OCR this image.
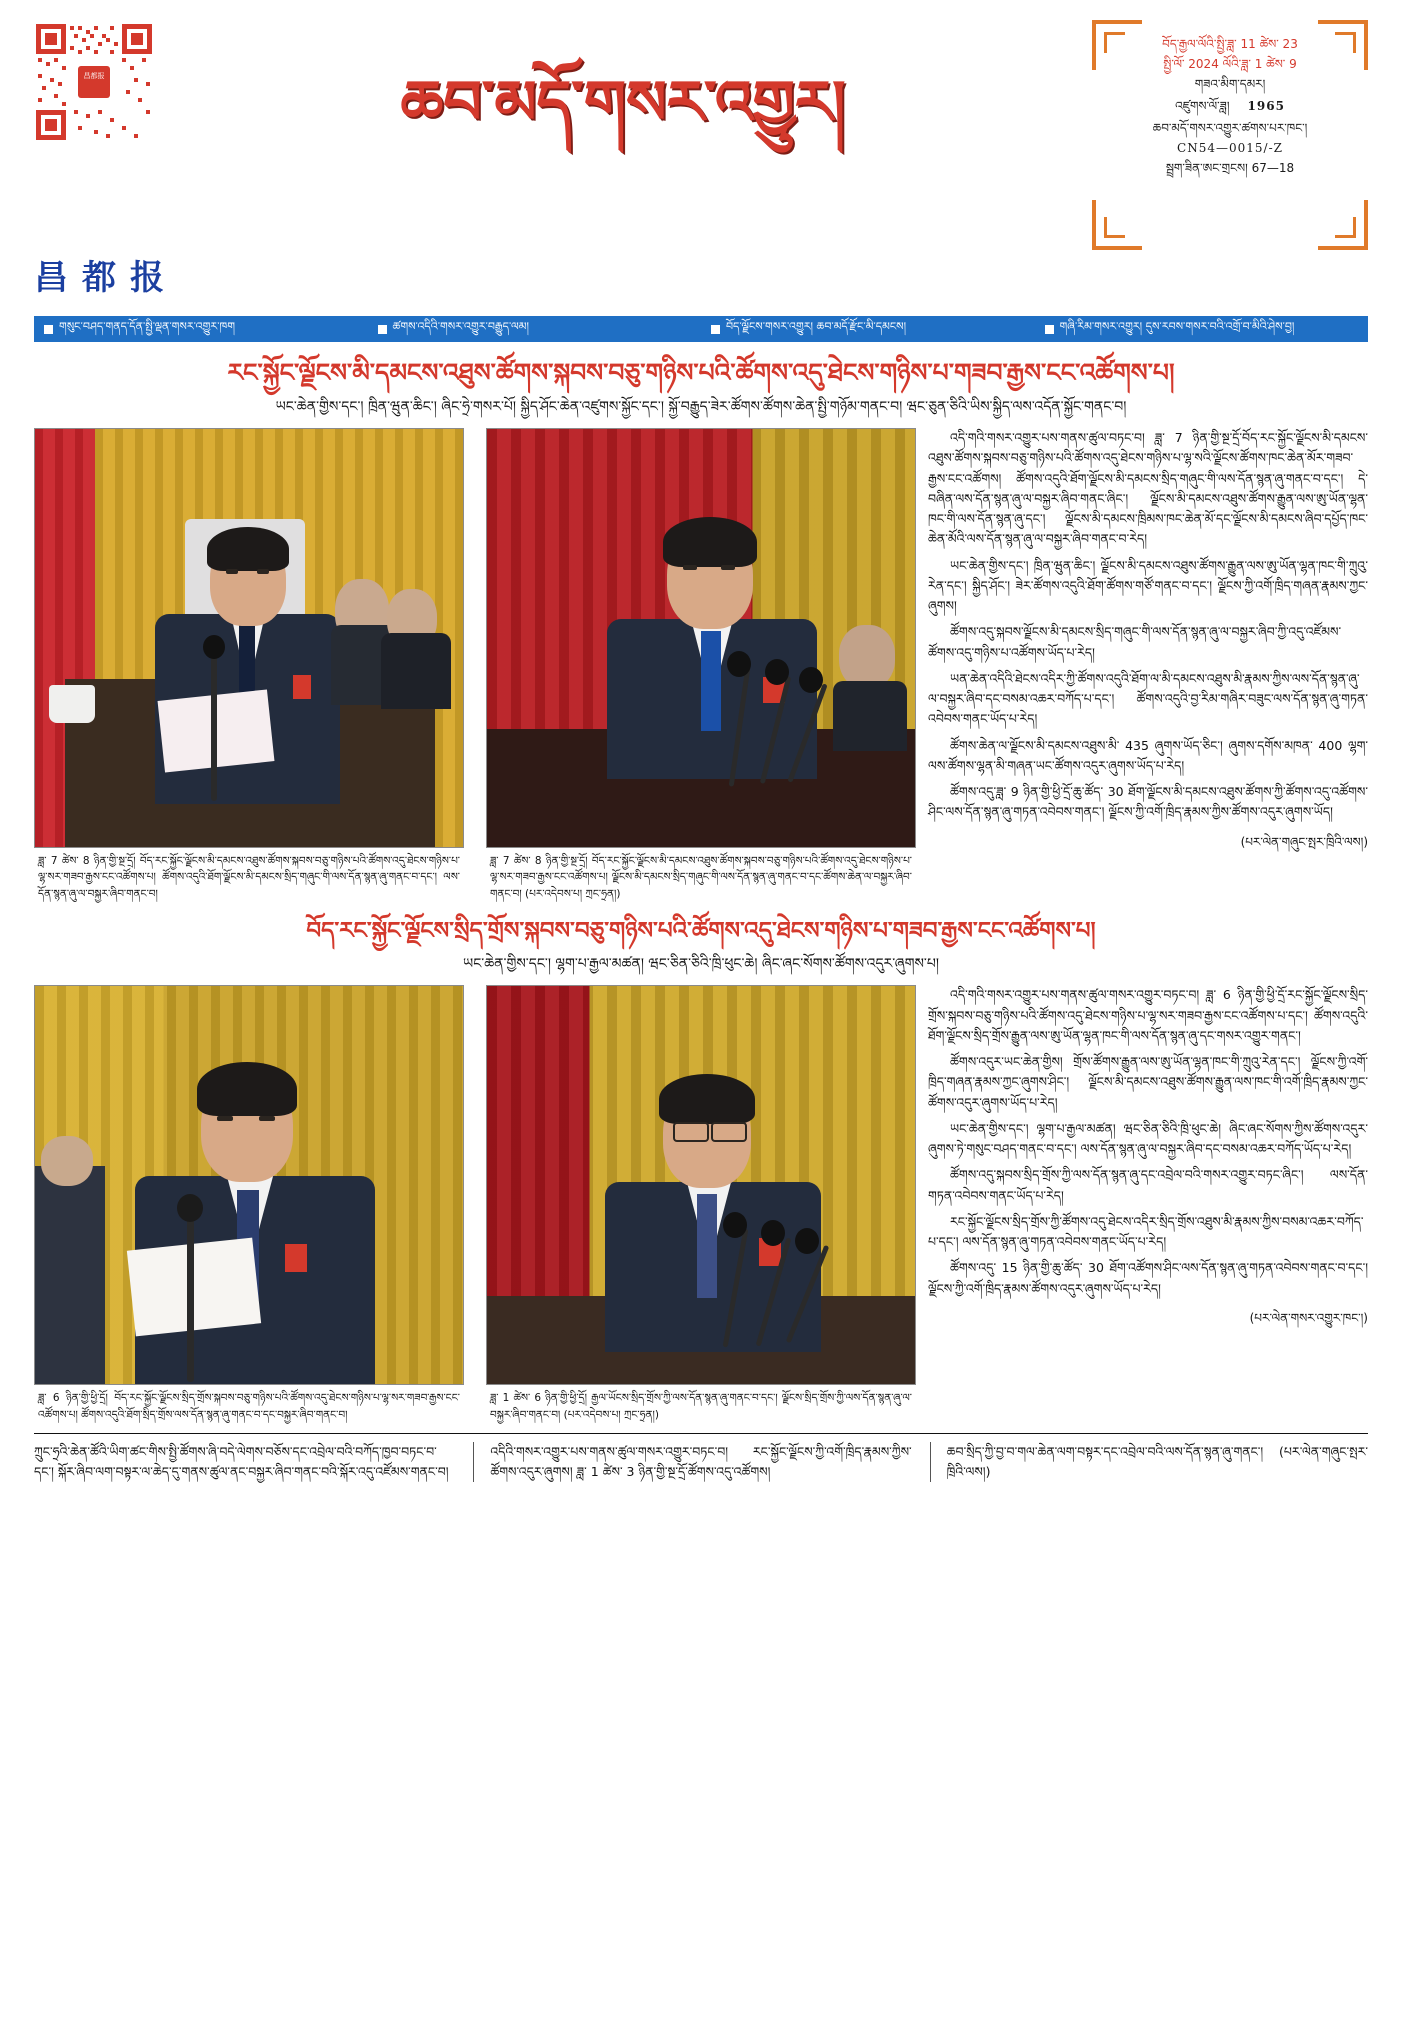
昌都报	ཆབ་མདོ་གསར་འགྱུར།
བོད་རྒྱལ་ལོའི་སྤྱི་ཟླ་ 11 ཚེས་ 23
སྤྱི་ལོ་ 2024 ལོའི་ཟླ་ 1 ཚེས་ 9
གཟའ་མིག་དམར།
འཛུགས་ལོ་ཟླ། 1965
ཆབ་མདོ་གསར་འགྱུར་ཚགས་པར་ཁང་།
CN54—0015/-Z
སྦྲག་ཟིན་ཨང་གྲངས། 67—18
昌都报
གསུང་བཤད་གནད་དོན་སྤྱི་ལྡན་གསར་འགྱུར་ཁག	ཚགས་འདིའི་གསར་འགྱུར་བརྒྱུད་ལམ།	བོད་ལྗོངས་གསར་འགྱུར། ཆབ་མདོ་རྫོང་མི་དམངས།	གཞི་རིམ་གསར་འགྱུར། དུས་རབས་གསར་བའི་འགྲོ་བ་མིའི་ཤེས་བྱ།
རང་སྐྱོང་ལྗོངས་མི་དམངས་འཐུས་ཚོགས་སྐབས་བཅུ་གཉིས་པའི་ཚོགས་འདུ་ཐེངས་གཉིས་པ་གཟབ་རྒྱས་ངང་འཚོགས་པ།
ཡང་ཆེན་གྱིས་དང་། ཁྲིན་ཝུན་ཆིང་། ཞིང་ཧྲེ་གསར་པོ། སྐྱིད་ཤོང་ཆེན་འཛུགས་སྐྱོང་དང་། སྐྱོ་བརྒྱུད་ཟེར་ཚོགས་ཚོགས་ཆེན་སྤྱི་གཉོམ་གནང་བ། ཝང་ཅུན་ཅིའི་ཡིས་སྐྱིད་ལས་འདོན་སྐྱོང་གནང་བ།
ཟླ་ 7 ཚེས་ 8 ཉིན་གྱི་སྔ་དྲོ། བོད་རང་སྐྱོང་ལྗོངས་མི་དམངས་འཐུས་ཚོགས་སྐབས་བཅུ་གཉིས་པའི་ཚོགས་འདུ་ཐེངས་གཉིས་པ་ལྷ་སར་གཟབ་རྒྱས་ངང་འཚོགས་པ། ཚོགས་འདུའི་ཐོག་ལྗོངས་མི་དམངས་སྲིད་གཞུང་གི་ལས་དོན་སྙན་ཞུ་གནང་བ་དང་། ལས་དོན་སྙན་ཞུ་ལ་བསྐྱར་ཞིབ་གནང་བ།
ཟླ་ 7 ཚེས་ 8 ཉིན་གྱི་སྔ་དྲོ། བོད་རང་སྐྱོང་ལྗོངས་མི་དམངས་འཐུས་ཚོགས་སྐབས་བཅུ་གཉིས་པའི་ཚོགས་འདུ་ཐེངས་གཉིས་པ་ལྷ་སར་གཟབ་རྒྱས་ངང་འཚོགས་པ། ལྗོངས་མི་དམངས་སྲིད་གཞུང་གི་ལས་དོན་སྙན་ཞུ་གནང་བ་དང་ཚོགས་ཆེན་ལ་བསྐྱར་ཞིབ་གནང་བ། (པར་འདེབས་པ། ཀྲང་ཧྲན།)

འདི་གའི་གསར་འགྱུར་པས་གནས་ཚུལ་བཏང་བ། ཟླ་ 7 ཉིན་གྱི་སྔ་དྲོ་བོད་རང་སྐྱོང་ལྗོངས་མི་དམངས་འཐུས་ཚོགས་སྐབས་བཅུ་གཉིས་པའི་ཚོགས་འདུ་ཐེངས་གཉིས་པ་ལྷ་སའི་ལྗོངས་ཚོགས་ཁང་ཆེན་མོར་གཟབ་རྒྱས་ངང་འཚོགས། ཚོགས་འདུའི་ཐོག་ལྗོངས་མི་དམངས་སྲིད་གཞུང་གི་ལས་དོན་སྙན་ཞུ་གནང་བ་དང་། དེ་བཞིན་ལས་དོན་སྙན་ཞུ་ལ་བསྐྱར་ཞིབ་གནང་ཞིང་། ལྗོངས་མི་དམངས་འཐུས་ཚོགས་རྒྱུན་ལས་ཨུ་ཡོན་ལྷན་ཁང་གི་ལས་དོན་སྙན་ཞུ་དང་། ལྗོངས་མི་དམངས་ཁྲིམས་ཁང་ཆེན་མོ་དང་ལྗོངས་མི་དམངས་ཞིབ་དཔྱོད་ཁང་ཆེན་མོའི་ལས་དོན་སྙན་ཞུ་ལ་བསྐྱར་ཞིབ་གནང་བ་རེད།

ཡང་ཆེན་གྱིས་དང་། ཁྲིན་ཝུན་ཆིང་། ལྗོངས་མི་དམངས་འཐུས་ཚོགས་རྒྱུན་ལས་ཨུ་ཡོན་ལྷན་ཁང་གི་ཀྲུའུ་རེན་དང་། སྐྱིད་ཤོང་། ཟེར་ཚོགས་འདུའི་ཐོག་ཚོགས་གཙོ་གནང་བ་དང་། ལྗོངས་ཀྱི་འགོ་ཁྲིད་གཞན་རྣམས་ཀྱང་ཞུགས།

ཚོགས་འདུ་སྐབས་ལྗོངས་མི་དམངས་སྲིད་གཞུང་གི་ལས་དོན་སྙན་ཞུ་ལ་བསྐྱར་ཞིབ་ཀྱི་འདུ་འཛོམས་ཚོགས་འདུ་གཉིས་པ་འཚོགས་ཡོད་པ་རེད།

ཡན་ཆེན་འདིའི་ཐེངས་འདིར་ཀྱི་ཚོགས་འདུའི་ཐོག་ལ་མི་དམངས་འཐུས་མི་རྣམས་ཀྱིས་ལས་དོན་སྙན་ཞུ་ལ་བསྐྱར་ཞིབ་དང་བསམ་འཆར་བཀོད་པ་དང་། ཚོགས་འདུའི་བྱ་རིམ་གཞིར་བཟུང་ལས་དོན་སྙན་ཞུ་གཏན་འབེབས་གནང་ཡོད་པ་རེད།

ཚོགས་ཆེན་ལ་ལྗོངས་མི་དམངས་འཐུས་མི་ 435 ཞུགས་ཡོད་ཅིང་། ཞུགས་དགོས་མཁན་ 400 ལྷག་ལས་ཚོགས་ལྷན་མི་གཞན་ཡང་ཚོགས་འདུར་ཞུགས་ཡོད་པ་རེད།

ཚོགས་འདུ་ཟླ་ 9 ཉིན་གྱི་ཕྱི་དྲོ་ཆུ་ཚོད་ 30 ཐོག་ལྗོངས་མི་དམངས་འཐུས་ཚོགས་ཀྱི་ཚོགས་འདུ་འཚོགས་ཤིང་ལས་དོན་སྙན་ཞུ་གཏན་འབེབས་གནང་། ལྗོངས་ཀྱི་འགོ་ཁྲིད་རྣམས་ཀྱིས་ཚོགས་འདུར་ཞུགས་ཡོད།

(པར་ལེན་གཞུང་སྤར་ཁྲིའི་ལས།)
བོད་རང་སྐྱོང་ལྗོངས་སྲིད་གྲོས་སྐབས་བཅུ་གཉིས་པའི་ཚོགས་འདུ་ཐེངས་གཉིས་པ་གཟབ་རྒྱས་ངང་འཚོགས་པ།
ཡང་ཆེན་གྱིས་དང་། ལྷག་པ་རྒྱལ་མཚན། ཝང་ཅིན་ཅིའི་ཁྲི་ཕུང་ཆེ། ཞིང་ཞང་སོགས་ཚོགས་འདུར་ཞུགས་པ།
ཟླ་ 6 ཉིན་གྱི་ཕྱི་དྲོ། བོད་རང་སྐྱོང་ལྗོངས་སྲིད་གྲོས་སྐབས་བཅུ་གཉིས་པའི་ཚོགས་འདུ་ཐེངས་གཉིས་པ་ལྷ་སར་གཟབ་རྒྱས་ངང་འཚོགས་པ། ཚོགས་འདུའི་ཐོག་སྲིད་གྲོས་ལས་དོན་སྙན་ཞུ་གནང་བ་དང་བསྐྱར་ཞིབ་གནང་བ།
ཟླ་ 1 ཚེས་ 6 ཉིན་གྱི་ཕྱི་དྲོ། རྒྱལ་ཡོངས་སྲིད་གྲོས་ཀྱི་ལས་དོན་སྙན་ཞུ་གནང་བ་དང་། ལྗོངས་སྲིད་གྲོས་ཀྱི་ལས་དོན་སྙན་ཞུ་ལ་བསྐྱར་ཞིབ་གནང་བ། (པར་འདེབས་པ། ཀྲང་ཧྲན།)

འདི་གའི་གསར་འགྱུར་པས་གནས་ཚུལ་གསར་འགྱུར་བཏང་བ། ཟླ་ 6 ཉིན་གྱི་ཕྱི་དྲོ་རང་སྐྱོང་ལྗོངས་སྲིད་གྲོས་སྐབས་བཅུ་གཉིས་པའི་ཚོགས་འདུ་ཐེངས་གཉིས་པ་ལྷ་སར་གཟབ་རྒྱས་ངང་འཚོགས་པ་དང་། ཚོགས་འདུའི་ཐོག་ལྗོངས་སྲིད་གྲོས་རྒྱུན་ལས་ཨུ་ཡོན་ལྷན་ཁང་གི་ལས་དོན་སྙན་ཞུ་དང་གསར་འགྱུར་གནང་།

ཚོགས་འདུར་ཡང་ཆེན་གྱིས། གྲོས་ཚོགས་རྒྱུན་ལས་ཨུ་ཡོན་ལྷན་ཁང་གི་ཀྲུའུ་རེན་དང་། ལྗོངས་ཀྱི་འགོ་ཁྲིད་གཞན་རྣམས་ཀྱང་ཞུགས་ཤིང་། ལྗོངས་མི་དམངས་འཐུས་ཚོགས་རྒྱུན་ལས་ཁང་གི་འགོ་ཁྲིད་རྣམས་ཀྱང་ཚོགས་འདུར་ཞུགས་ཡོད་པ་རེད།

ཡང་ཆེན་གྱིས་དང་། ལྷག་པ་རྒྱལ་མཚན། ཝང་ཅིན་ཅིའི་ཁྲི་ཕུང་ཆེ། ཞིང་ཞང་སོགས་ཀྱིས་ཚོགས་འདུར་ཞུགས་ཏེ་གསུང་བཤད་གནང་བ་དང་། ལས་དོན་སྙན་ཞུ་ལ་བསྐྱར་ཞིབ་དང་བསམ་འཆར་བཀོད་ཡོད་པ་རེད།

ཚོགས་འདུ་སྐབས་སྲིད་གྲོས་ཀྱི་ལས་དོན་སྙན་ཞུ་དང་འབྲེལ་བའི་གསར་འགྱུར་བཏང་ཞིང་། ལས་དོན་གཏན་འབེབས་གནང་ཡོད་པ་རེད།

རང་སྐྱོང་ལྗོངས་སྲིད་གྲོས་ཀྱི་ཚོགས་འདུ་ཐེངས་འདིར་སྲིད་གྲོས་འཐུས་མི་རྣམས་ཀྱིས་བསམ་འཆར་བཀོད་པ་དང་། ལས་དོན་སྙན་ཞུ་གཏན་འབེབས་གནང་ཡོད་པ་རེད།

ཚོགས་འདུ་ 15 ཉིན་གྱི་ཆུ་ཚོད་ 30 ཐོག་འཚོགས་ཤིང་ལས་དོན་སྙན་ཞུ་གཏན་འབེབས་གནང་བ་དང་། ལྗོངས་ཀྱི་འགོ་ཁྲིད་རྣམས་ཚོགས་འདུར་ཞུགས་ཡོད་པ་རེད།

(པར་ལེན་གསར་འགྱུར་ཁང་།)
ཀྲུང་ཧྲའི་ཆེན་ཚོའི་ཡིག་ཚང་གིས་སྤྱི་ཚོགས་ཞི་བདེ་ལེགས་བཅོས་དང་འབྲེལ་བའི་བཀོད་ཁྱབ་བཏང་བ་དང་། སྐོར་ཞིབ་ལག་བསྟར་ལ་ཆེད་དུ་གནས་ཚུལ་ནང་བསྐྱར་ཞིབ་གནང་བའི་སྐོར་འདུ་འཛོམས་གནང་བ།
འདིའི་གསར་འགྱུར་པས་གནས་ཚུལ་གསར་འགྱུར་བཏང་བ། རང་སྐྱོང་ལྗོངས་ཀྱི་འགོ་ཁྲིད་རྣམས་ཀྱིས་ཚོགས་འདུར་ཞུགས། ཟླ་ 1 ཚེས་ 3 ཉིན་གྱི་སྔ་དྲོ་ཚོགས་འདུ་འཚོགས།
ཆབ་སྲིད་ཀྱི་བྱ་བ་གལ་ཆེན་ལག་བསྟར་དང་འབྲེལ་བའི་ལས་དོན་སྙན་ཞུ་གནང་། (པར་ལེན་གཞུང་སྤར་ཁྲིའི་ལས།)
